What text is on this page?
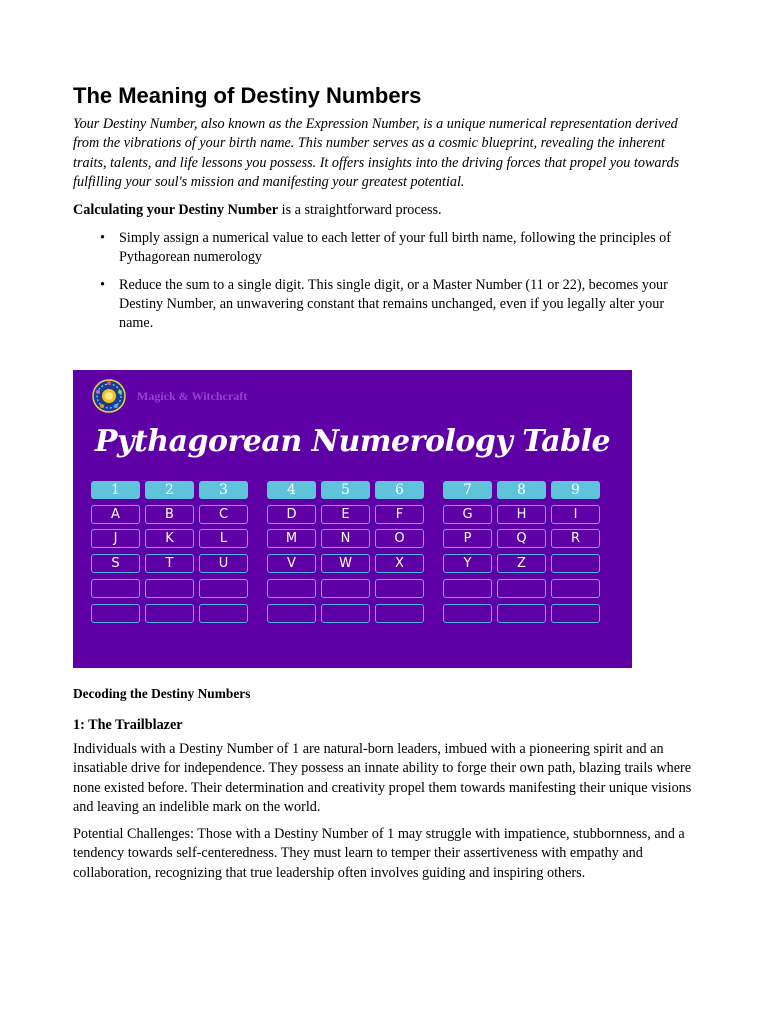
The Meaning of Destiny Numbers

Your Destiny Number, also known as the Expression Number, is a unique numerical representation derived from the vibrations of your birth name. This number serves as a cosmic blueprint, revealing the inherent traits, talents, and life lessons you possess. It offers insights into the driving forces that propel you towards fulfilling your soul's mission and manifesting your greatest potential.

Calculating your Destiny Number is a straightforward process.

• Simply assign a numerical value to each letter of your full birth name, following the principles of Pythagorean numerology
• Reduce the sum to a single digit. This single digit, or a Master Number (11 or 22), becomes your Destiny Number, an unwavering constant that remains unchanged, even if you legally alter your name.
Magick & Witchcraft
Pythagorean Numerology Table
1	2	3	4	5	6	7	8	9
A	B	C	D	E	F	G	H	I
J	K	L	M	N	O	P	Q	R
S	T	U	V	W	X	Y	Z

Decoding the Destiny Numbers

1: The Trailblazer

Individuals with a Destiny Number of 1 are natural-born leaders, imbued with a pioneering spirit and an insatiable drive for independence. They possess an innate ability to forge their own path, blazing trails where none existed before. Their determination and creativity propel them towards manifesting their unique visions and leaving an indelible mark on the world.

Potential Challenges: Those with a Destiny Number of 1 may struggle with impatience, stubbornness, and a tendency towards self-centeredness. They must learn to temper their assertiveness with empathy and collaboration, recognizing that true leadership often involves guiding and inspiring others.
